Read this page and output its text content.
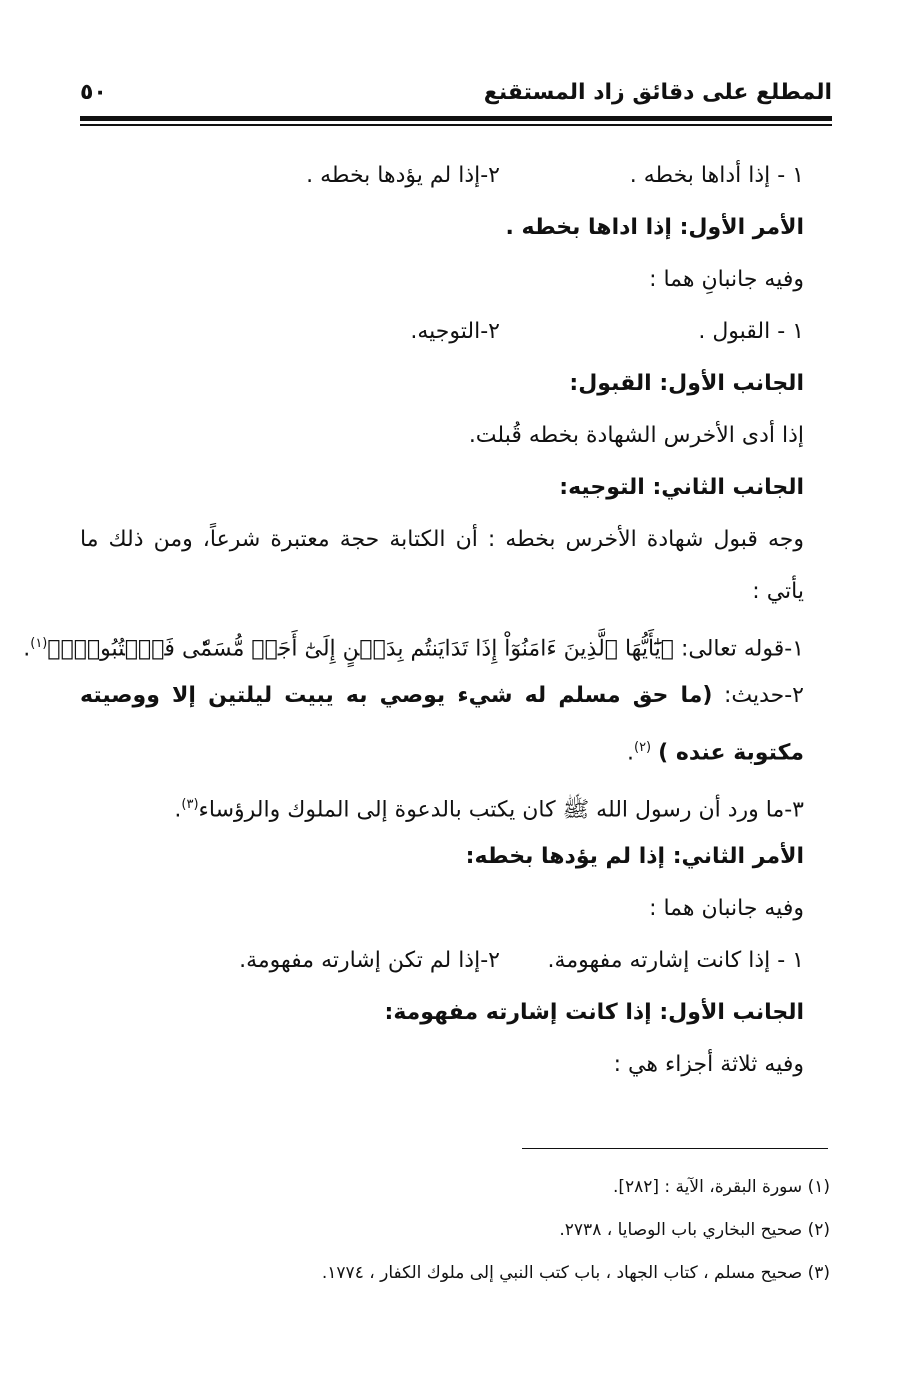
المطلع على دقائق زاد المستقنع
٥٠
١ - إذا أداها بخطه .
٢-إذا لم يؤدها بخطه .
الأمر الأول: إذا اداها بخطه .
وفيه جانبانِ هما :
١ - القبول .
٢-التوجيه.
الجانب الأول: القبول:
إذا أدى الأخرس الشهادة بخطه قُبلت.
الجانب الثاني: التوجيه:
وجه قبول شهادة الأخرس بخطه : أن الكتابة حجة معتبرة شرعاً، ومن ذلك ما يأتي :
١-قوله تعالى: ﴿يَٰٓأَيُّهَا ٱلَّذِينَ ءَامَنُوٓاْ إِذَا تَدَايَنتُم بِدَيۡنٍ إِلَىٰٓ أَجَلٖ مُّسَمّٗى فَٱكۡتُبُوهُۚ﴾$^{(١)}$.
٢-حديث: (ما حق مسلم له شيء يوصي به يبيت ليلتين إلا ووصيته مكتوبة عنده ) $^{(٢)}$.
٣-ما ورد أن رسول الله ﷺ كان يكتب بالدعوة إلى الملوك والرؤساء$^{(٣)}$.
الأمر الثاني: إذا لم يؤدها بخطه:
وفيه جانبان هما :
١ - إذا كانت إشارته مفهومة.
٢-إذا لم تكن إشارته مفهومة.
الجانب الأول: إذا كانت إشارته مفهومة:
وفيه ثلاثة أجزاء هي :
(١) سورة البقرة، الآية : [٢٨٢].
(٢) صحيح البخاري باب الوصايا ، ٢٧٣٨.
(٣) صحيح مسلم ، كتاب الجهاد ، باب كتب النبي إلى ملوك الكفار ، ١٧٧٤.
